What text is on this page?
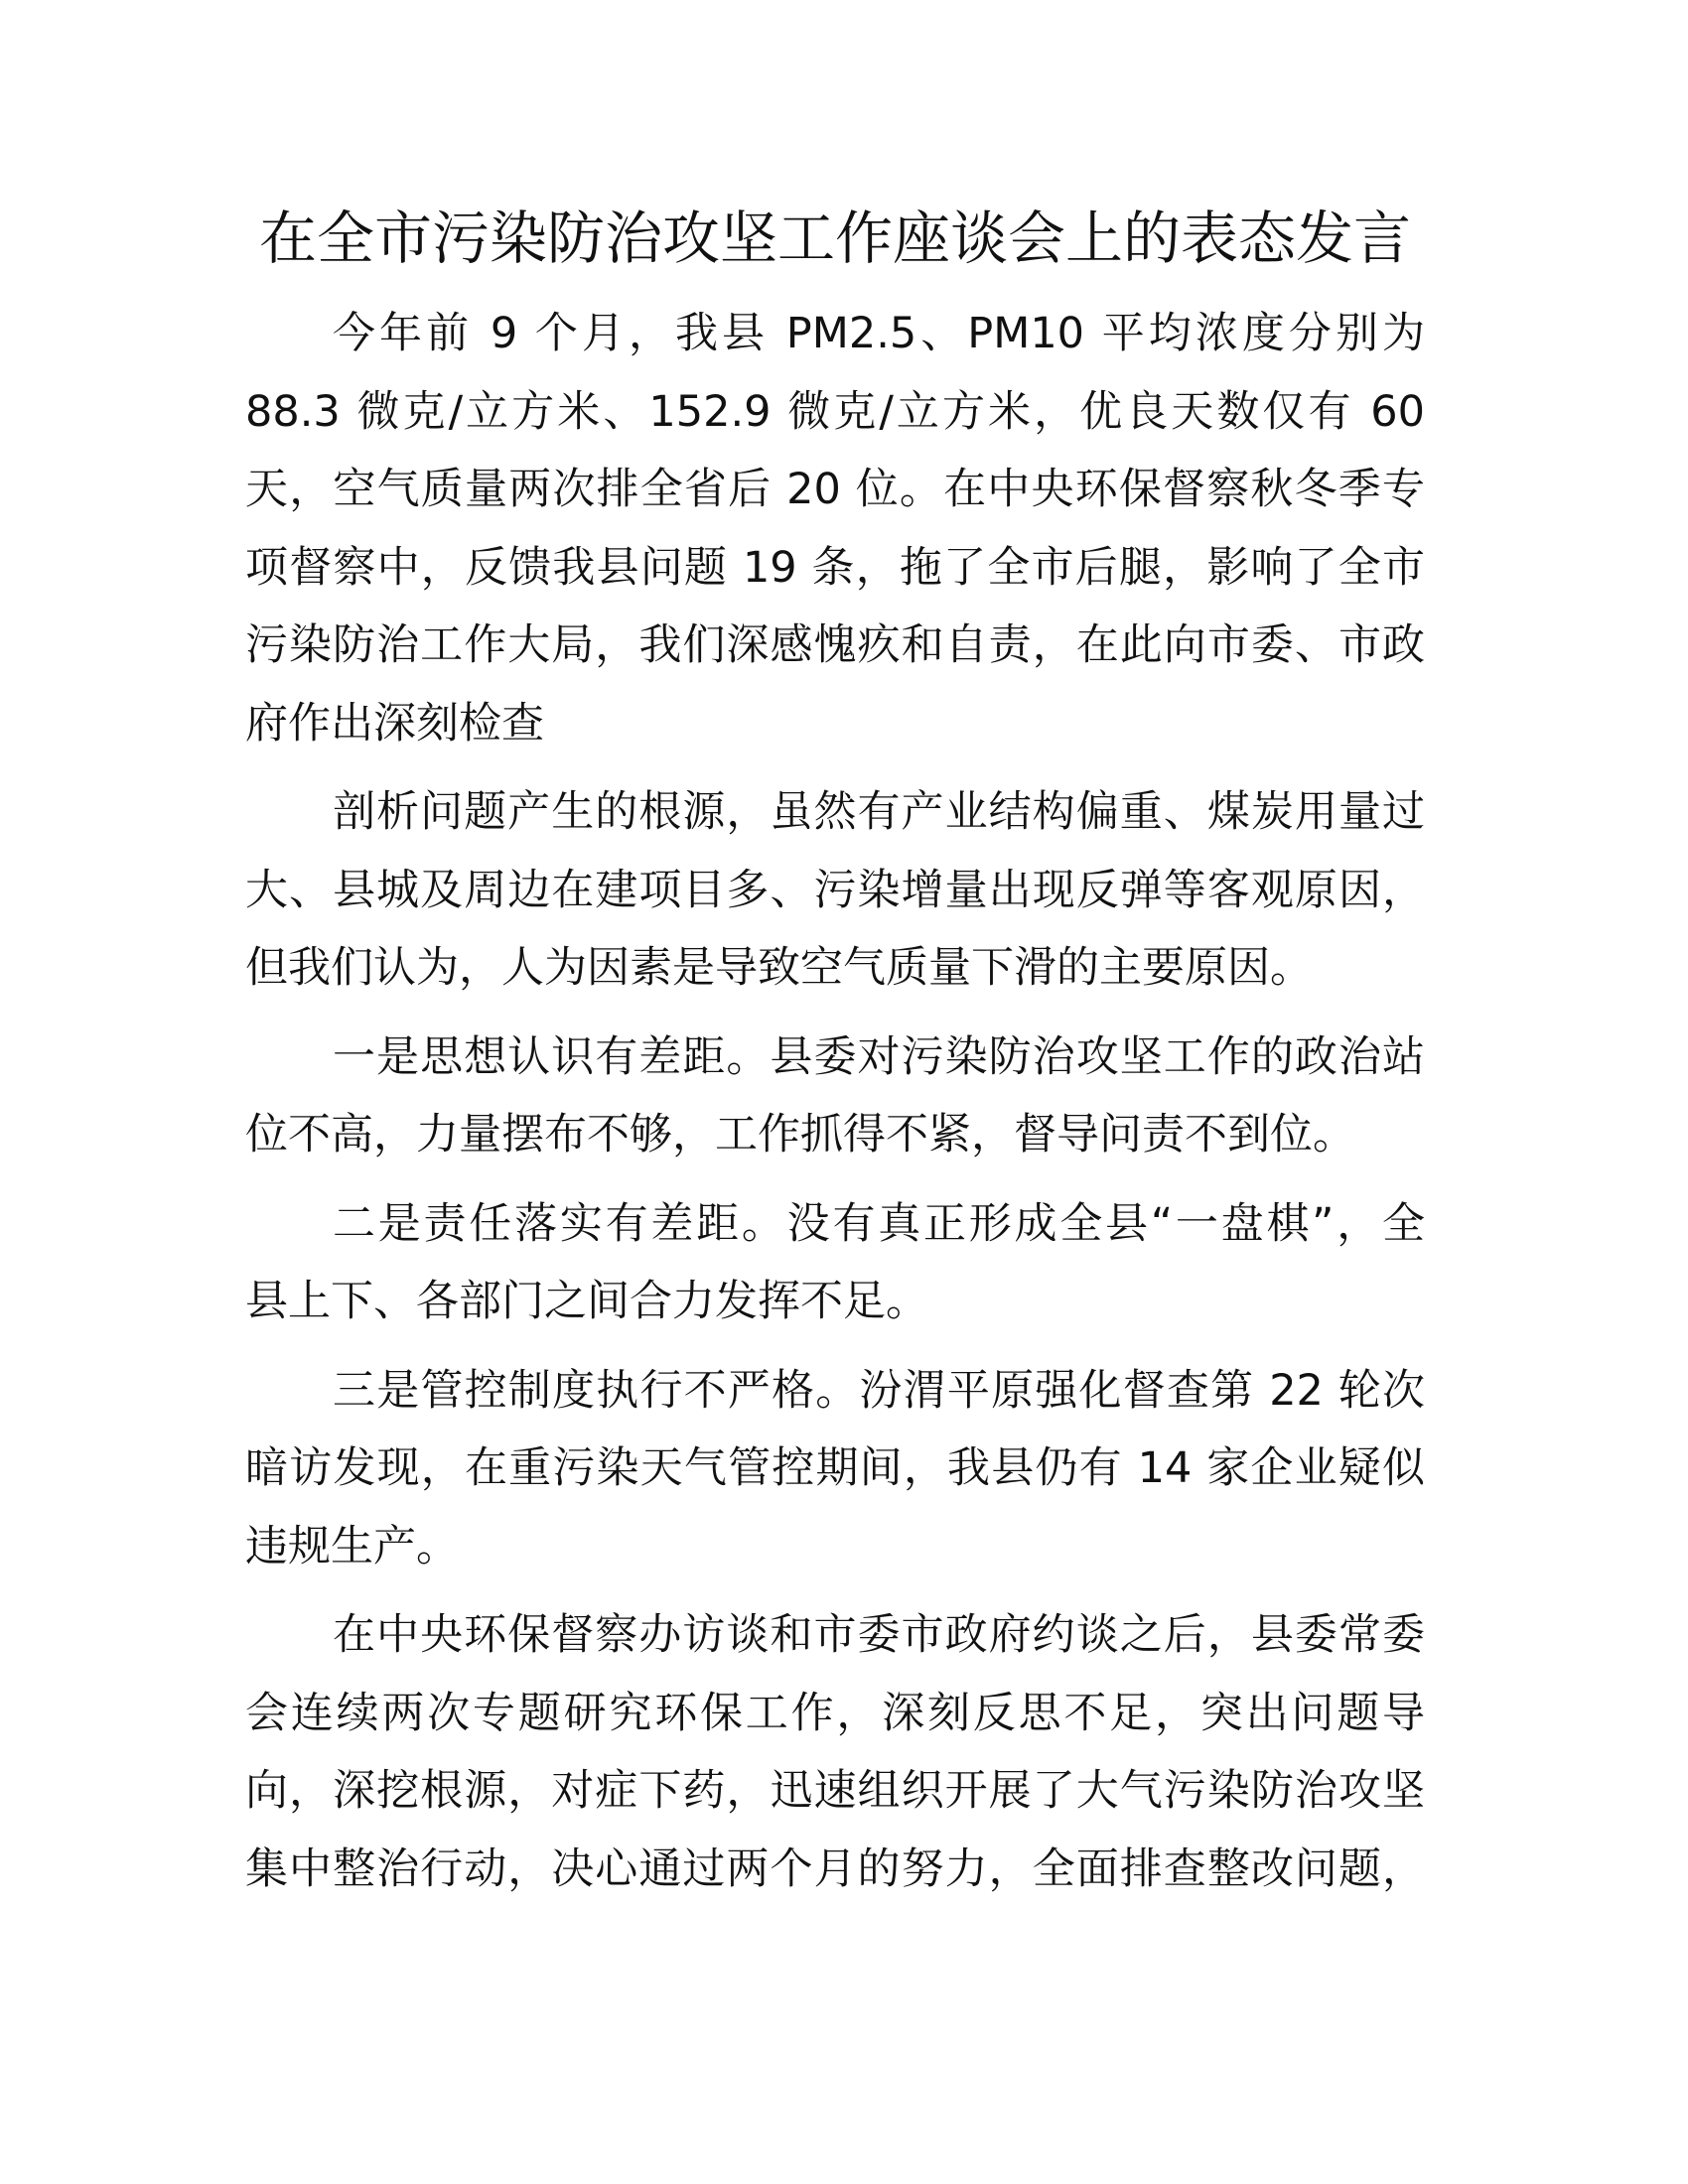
在全市污染防治攻坚工作座谈会上的表态发言
今年前 9 个月，我县 PM2.5、PM10 平均浓度分别为
88.3 微克/立方米、152.9 微克/立方米，优良天数仅有 60
天，空气质量两次排全省后 20 位。在中央环保督察秋冬季专
项督察中，反馈我县问题 19 条，拖了全市后腿，影响了全市
污染防治工作大局，我们深感愧疚和自责，在此向市委、市政
府作出深刻检查
剖析问题产生的根源，虽然有产业结构偏重、煤炭用量过
大、县城及周边在建项目多、污染增量出现反弹等客观原因，
但我们认为，人为因素是导致空气质量下滑的主要原因。
一是思想认识有差距。县委对污染防治攻坚工作的政治站
位不高，力量摆布不够，工作抓得不紧，督导问责不到位。
二是责任落实有差距。没有真正形成全县“一盘棋”，全
县上下、各部门之间合力发挥不足。
三是管控制度执行不严格。汾渭平原强化督查第 22 轮次
暗访发现，在重污染天气管控期间，我县仍有 14 家企业疑似
违规生产。
在中央环保督察办访谈和市委市政府约谈之后，县委常委
会连续两次专题研究环保工作，深刻反思不足，突出问题导
向，深挖根源，对症下药，迅速组织开展了大气污染防治攻坚
集中整治行动，决心通过两个月的努力，全面排查整改问题，
